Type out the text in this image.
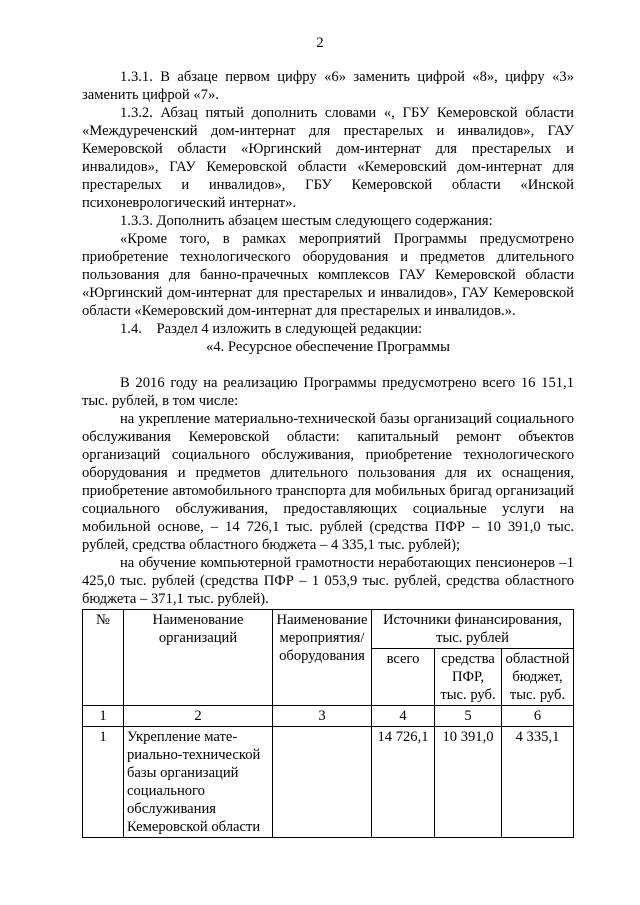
2

1.3.1. В абзаце первом цифру «6» заменить цифрой «8», цифру «3» заменить цифрой «7».

1.3.2. Абзац пятый дополнить словами «, ГБУ Кемеровской области «Междуреченский дом-интернат для престарелых и инвалидов», ГАУ Кемеровской области «Юргинский дом-интернат для престарелых и инвалидов», ГАУ Кемеровской области «Кемеровский дом-интернат для престарелых и инвалидов», ГБУ Кемеровской области «Инской психоневрологический интернат».

1.3.3. Дополнить абзацем шестым следующего содержания:

«Кроме того, в рамках мероприятий Программы предусмотрено приобретение технологического оборудования и предметов длительного пользования для банно-прачечных комплексов ГАУ Кемеровской области «Юргинский дом-интернат для престарелых и инвалидов», ГАУ Кемеровской области «Кемеровский дом-интернат для престарелых и инвалидов.».

1.4.    Раздел 4 изложить в следующей редакции:

«4. Ресурсное обеспечение Программы

В 2016 году на реализацию Программы предусмотрено всего 16 151,1 тыс. рублей, в том числе:

на укрепление материально-технической базы организаций социального обслуживания Кемеровской области: капитальный ремонт объектов организаций социального обслуживания, приобретение технологического оборудования и предметов длительного пользования для их оснащения, приобретение автомобильного транспорта для мобильных бригад организаций социального обслуживания, предоставляющих социальные услуги на мобильной основе, – 14 726,1 тыс. рублей (средства ПФР – 10 391,0 тыс. рублей, средства областного бюджета – 4 335,1 тыс. рублей);

на обучение компьютерной грамотности неработающих пенсионеров –1 425,0 тыс. рублей (средства ПФР – 1 053,9 тыс. рублей, средства областного бюджета – 371,1 тыс. рублей).

№	Наименование организаций	Наименование мероприятия/ оборудования	Источники финансирования, тыс. рублей		
			всего	средства ПФР, тыс. руб.	областной бюджет, тыс. руб.
1	2	3	4	5	6
1	Укрепление мате-риально-технической базы организаций социального обслуживания Кемеровской области		14 726,1	10 391,0	4 335,1
